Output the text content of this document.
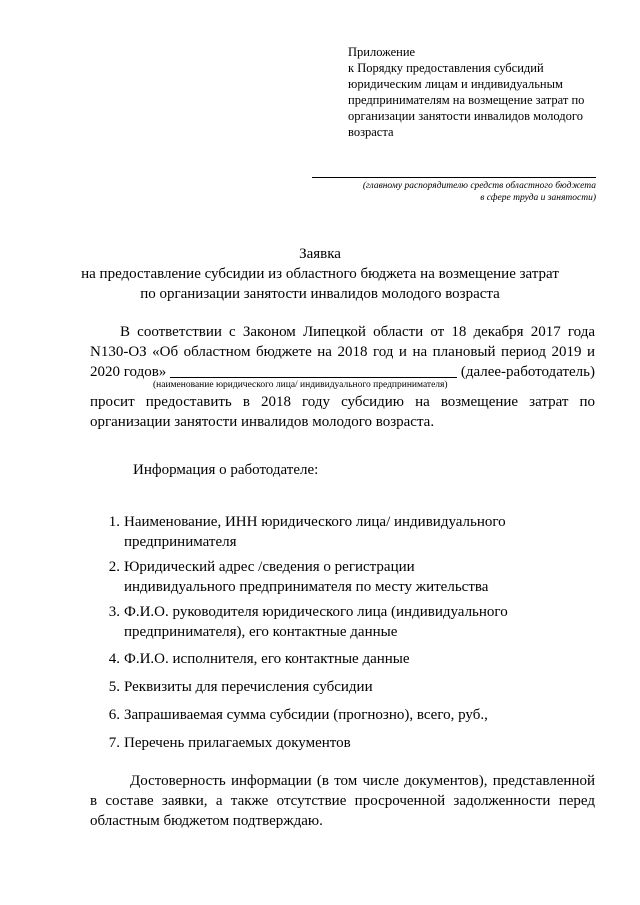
Приложение
к Порядку предоставления субсидий
юридическим лицам и индивидуальным
предпринимателям на возмещение затрат по
организации занятости инвалидов молодого
возраста
(главному распорядителю средств областного бюджета
в сфере труда и занятости)
Заявка
на предоставление субсидии из областного бюджета на возмещение затрат
по организации занятости инвалидов молодого возраста
В соответствии с Законом Липецкой области от 18 декабря 2017 года
N130-ОЗ «Об областном бюджете на 2018 год и на плановый период 2019 и
2020 годов»	(далее-работодатель)
(наименование юридического лица/ индивидуального предпринимателя)
просит предоставить в 2018 году субсидию на возмещение затрат по
организации занятости инвалидов молодого возраста.
Информация о работодателе:
1. Наименование, ИНН юридического лица/ индивидуального
предпринимателя
2. Юридический адрес /сведения о регистрации
индивидуального предпринимателя по месту жительства
3. Ф.И.О. руководителя юридического лица (индивидуального
предпринимателя), его контактные данные
4. Ф.И.О. исполнителя, его контактные данные
5. Реквизиты для перечисления субсидии
6. Запрашиваемая сумма субсидии (прогнозно), всего, руб.,
7. Перечень прилагаемых документов
Достоверность информации (в том числе документов), представленной
в составе заявки, а также отсутствие просроченной задолженности перед
областным бюджетом подтверждаю.
